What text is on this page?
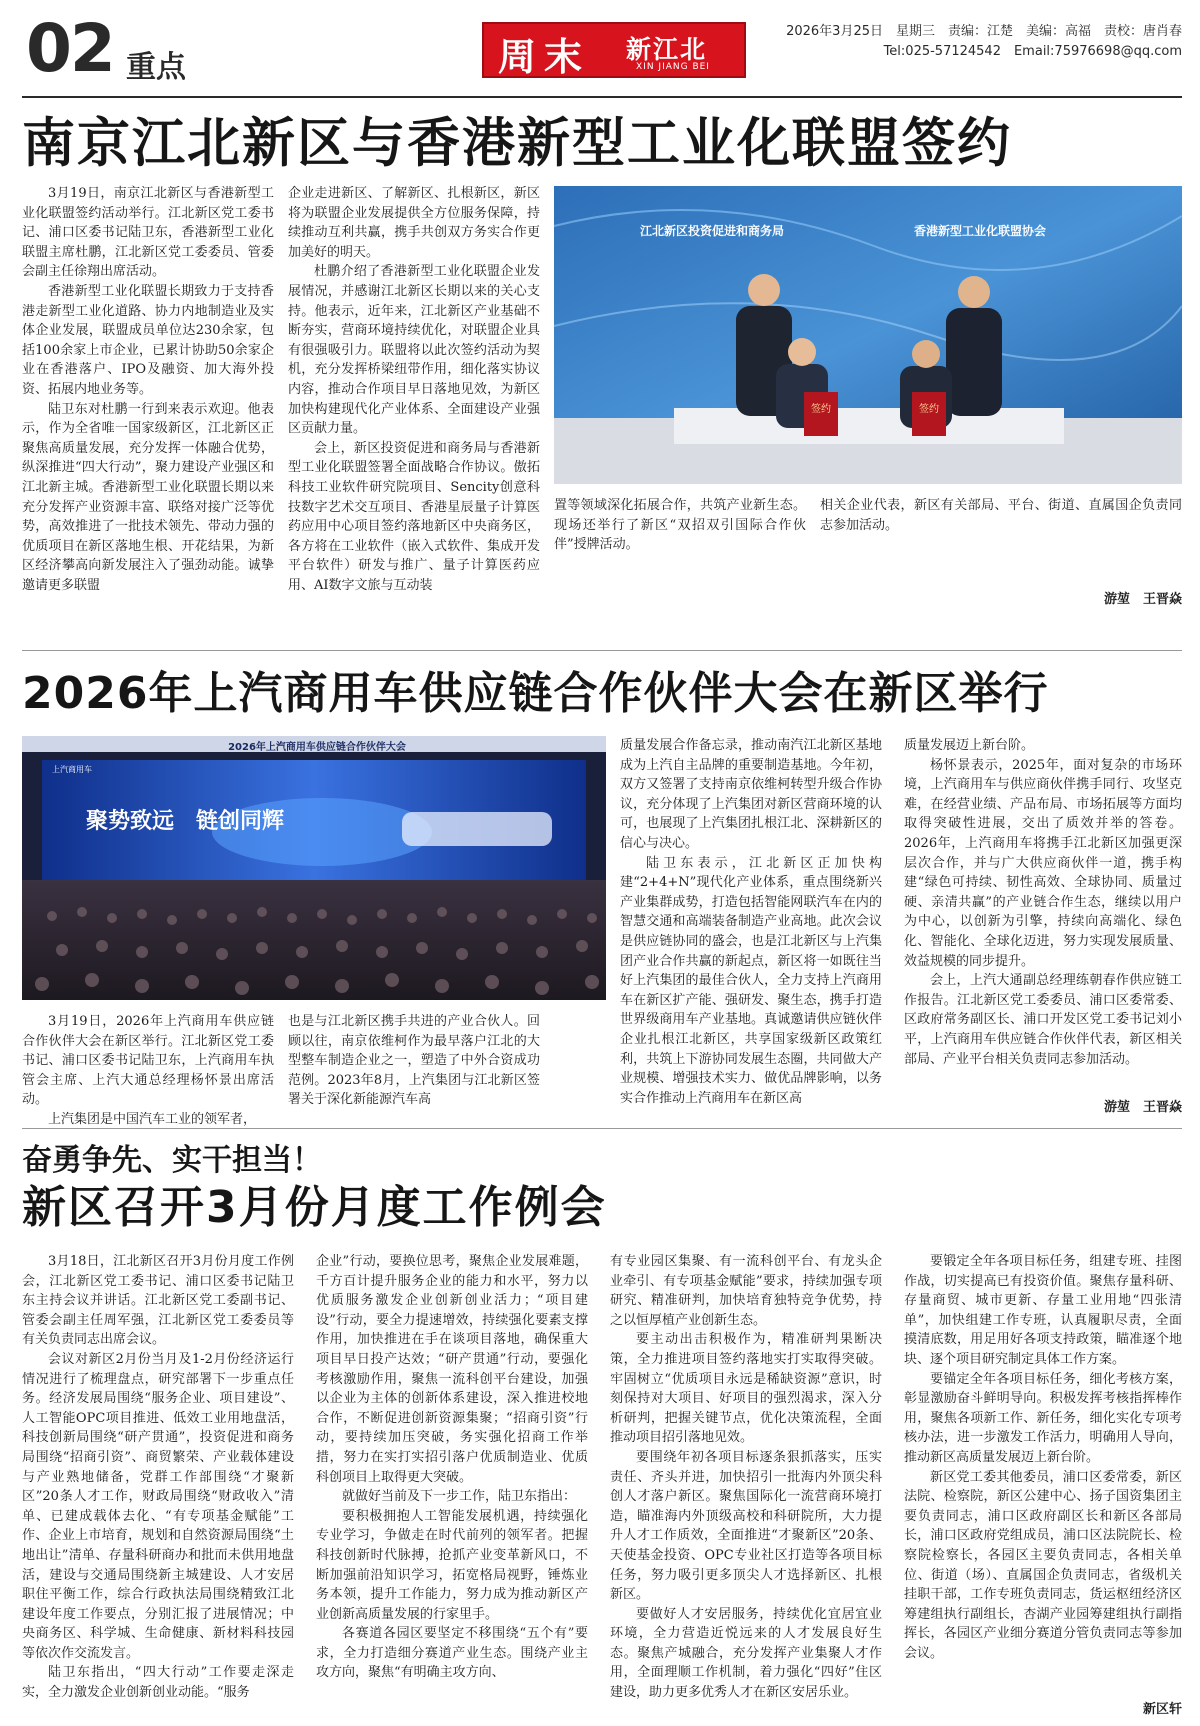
02 重点	周末 新江北
XIN JIANG BEI
2026年3月25日　星期三　责编：江楚　美编：高福　责校：唐肖春
Tel:025-57124542　Email:75976698@qq.com
南京江北新区与香港新型工业化联盟签约

3月19日，南京江北新区与香港新型工业化联盟签约活动举行。江北新区党工委书记、浦口区委书记陆卫东，香港新型工业化联盟主席杜鹏，江北新区党工委委员、管委会副主任徐翔出席活动。

香港新型工业化联盟长期致力于支持香港走新型工业化道路、协力内地制造业及实体企业发展，联盟成员单位达230余家，包括100余家上市企业，已累计协助50余家企业在香港落户、IPO及融资、加大海外投资、拓展内地业务等。

陆卫东对杜鹏一行到来表示欢迎。他表示，作为全省唯一国家级新区，江北新区正聚焦高质量发展，充分发挥一体融合优势，纵深推进“四大行动”，聚力建设产业强区和江北新主城。香港新型工业化联盟长期以来充分发挥产业资源丰富、联络对接广泛等优势，高效推进了一批技术领先、带动力强的优质项目在新区落地生根、开花结果，为新区经济攀高向新发展注入了强劲动能。诚挚邀请更多联盟

企业走进新区、了解新区、扎根新区，新区将为联盟企业发展提供全方位服务保障，持续推动互利共赢，携手共创双方务实合作更加美好的明天。

杜鹏介绍了香港新型工业化联盟企业发展情况，并感谢江北新区长期以来的关心支持。他表示，近年来，江北新区产业基础不断夯实，营商环境持续优化，对联盟企业具有很强吸引力。联盟将以此次签约活动为契机，充分发挥桥梁纽带作用，细化落实协议内容，推动合作项目早日落地见效，为新区加快构建现代化产业体系、全面建设产业强区贡献力量。

会上，新区投资促进和商务局与香港新型工业化联盟签署全面战略合作协议。傲拓科技工业软件研究院项目、Sencity创意科技数字艺术交互项目、香港星辰量子计算医药应用中心项目签约落地新区中央商务区，各方将在工业软件（嵌入式软件、集成开发平台软件）研发与推广、量子计算医药应用、AI数字文旅与互动装

江北新区投资促进和商务局	香港新型工业化联盟协会
签约	签约

置等领域深化拓展合作，共筑产业新生态。现场还举行了新区“双招双引国际合作伙伴”授牌活动。

相关企业代表，新区有关部局、平台、街道、直属国企负责同志参加活动。

游堃　王晋焱
2026年上汽商用车供应链合作伙伴大会在新区举行
2026年上汽商用车供应链合作伙伴大会
上汽商用车
聚势致远　链创同辉

3月19日，2026年上汽商用车供应链合作伙伴大会在新区举行。江北新区党工委书记、浦口区委书记陆卫东，上汽商用车执管会主席、上汽大通总经理杨怀景出席活动。

上汽集团是中国汽车工业的领军者，

也是与江北新区携手共进的产业合伙人。回顾以往，南京依维柯作为最早落户江北的大型整车制造企业之一，塑造了中外合资成功范例。2023年8月，上汽集团与江北新区签署关于深化新能源汽车高

质量发展合作备忘录，推动南汽江北新区基地成为上汽自主品牌的重要制造基地。今年初，双方又签署了支持南京依维柯转型升级合作协议，充分体现了上汽集团对新区营商环境的认可，也展现了上汽集团扎根江北、深耕新区的信心与决心。

陆卫东表示，江北新区正加快构建“2+4+N”现代化产业体系，重点围绕新兴产业集群成势，打造包括智能网联汽车在内的智慧交通和高端装备制造产业高地。此次会议是供应链协同的盛会，也是江北新区与上汽集团产业合作共赢的新起点，新区将一如既往当好上汽集团的最佳合伙人，全力支持上汽商用车在新区扩产能、强研发、聚生态，携手打造世界级商用车产业基地。真诚邀请供应链伙伴企业扎根江北新区，共享国家级新区政策红利，共筑上下游协同发展生态圈，共同做大产业规模、增强技术实力、做优品牌影响，以务实合作推动上汽商用车在新区高

质量发展迈上新台阶。

杨怀景表示，2025年，面对复杂的市场环境，上汽商用车与供应商伙伴携手同行、攻坚克难，在经营业绩、产品布局、市场拓展等方面均取得突破性进展，交出了质效并举的答卷。2026年，上汽商用车将携手江北新区加强更深层次合作，并与广大供应商伙伴一道，携手构建“绿色可持续、韧性高效、全球协同、质量过硬、亲清共赢”的产业链合作生态，继续以用户为中心，以创新为引擎，持续向高端化、绿色化、智能化、全球化迈进，努力实现发展质量、效益规模的同步提升。

会上，上汽大通副总经理练朝春作供应链工作报告。江北新区党工委委员、浦口区委常委、区政府常务副区长、浦口开发区党工委书记刘小平，上汽商用车供应链合作伙伴代表，新区相关部局、产业平台相关负责同志参加活动。

游堃　王晋焱
奋勇争先、实干担当！
新区召开3月份月度工作例会

3月18日，江北新区召开3月份月度工作例会，江北新区党工委书记、浦口区委书记陆卫东主持会议并讲话。江北新区党工委副书记、管委会副主任周军强，江北新区党工委委员等有关负责同志出席会议。

会议对新区2月份当月及1-2月份经济运行情况进行了梳理盘点，研究部署下一步重点任务。经济发展局围绕“服务企业、项目建设”、人工智能OPC项目推进、低效工业用地盘活，科技创新局围绕“研产贯通”，投资促进和商务局围绕“招商引资”、商贸繁荣、产业载体建设与产业熟地储备，党群工作部围绕“才聚新区”20条人才工作，财政局围绕“财政收入”清单、已建成载体去化、“有专项基金赋能”工作、企业上市培育，规划和自然资源局围绕“土地出让”清单、存量科研商办和批而未供用地盘活，建设与交通局围绕新主城建设、人才安居职住平衡工作，综合行政执法局围绕精致江北建设年度工作要点，分别汇报了进展情况；中央商务区、科学城、生命健康、新材料科技园等依次作交流发言。

陆卫东指出，“四大行动”工作要走深走实，全力激发企业创新创业动能。“服务

企业”行动，要换位思考，聚焦企业发展难题，千方百计提升服务企业的能力和水平，努力以优质服务激发企业创新创业活力；“项目建设”行动，要全力提速增效，持续强化要素支撑作用，加快推进在手在谈项目落地，确保重大项目早日投产达效；“研产贯通”行动，要强化考核激励作用，聚焦一流科创平台建设，加强以企业为主体的创新体系建设，深入推进校地合作，不断促进创新资源集聚；“招商引资”行动，要持续加压突破，务实强化招商工作举措，努力在实打实招引落户优质制造业、优质科创项目上取得更大突破。

就做好当前及下一步工作，陆卫东指出：

要积极拥抱人工智能发展机遇，持续强化专业学习，争做走在时代前列的领军者。把握科技创新时代脉搏，抢抓产业变革新风口，不断加强前沿知识学习，拓宽格局视野，锤炼业务本领，提升工作能力，努力成为推动新区产业创新高质量发展的行家里手。

各赛道各园区要坚定不移围绕“五个有”要求，全力打造细分赛道产业生态。围绕产业主攻方向，聚焦“有明确主攻方向、

有专业园区集聚、有一流科创平台、有龙头企业牵引、有专项基金赋能”要求，持续加强专项研究、精准研判，加快培育独特竞争优势，持之以恒厚植产业创新生态。

要主动出击积极作为，精准研判果断决策，全力推进项目签约落地实打实取得突破。牢固树立“优质项目永远是稀缺资源”意识，时刻保持对大项目、好项目的强烈渴求，深入分析研判，把握关键节点，优化决策流程，全面推动项目招引落地见效。

要围绕年初各项目标逐条狠抓落实，压实责任、齐头并进，加快招引一批海内外顶尖科创人才落户新区。聚焦国际化一流营商环境打造，瞄准海内外顶级高校和科研院所，大力提升人才工作质效，全面推进“才聚新区”20条、天使基金投资、OPC专业社区打造等各项目标任务，努力吸引更多顶尖人才选择新区、扎根新区。

要做好人才安居服务，持续优化宜居宜业环境，全力营造近悦远来的人才发展良好生态。聚焦产城融合，充分发挥产业集聚人才作用，全面理顺工作机制，着力强化“四好”住区建设，助力更多优秀人才在新区安居乐业。

要锻定全年各项目标任务，组建专班、挂图作战，切实提高已有投资价值。聚焦存量科研、存量商贸、城市更新、存量工业用地“四张清单”，加快组建工作专班，认真履职尽责，全面摸清底数，用足用好各项支持政策，瞄准逐个地块、逐个项目研究制定具体工作方案。

要锚定全年各项目标任务，细化考核方案，彰显激励奋斗鲜明导向。积极发挥考核指挥棒作用，聚焦各项新工作、新任务，细化实化专项考核办法，进一步激发工作活力，明确用人导向，推动新区高质量发展迈上新台阶。

新区党工委其他委员，浦口区委常委，新区法院、检察院，新区公建中心、扬子国资集团主要负责同志，浦口区政府副区长和新区各部局长，浦口区政府党组成员，浦口区法院院长、检察院检察长，各园区主要负责同志，各相关单位、街道（场）、直属国企负责同志，省级机关挂职干部，工作专班负责同志，货运枢纽经济区筹建组执行副组长，杏湖产业园筹建组执行副指挥长，各园区产业细分赛道分管负责同志等参加会议。

新区轩
